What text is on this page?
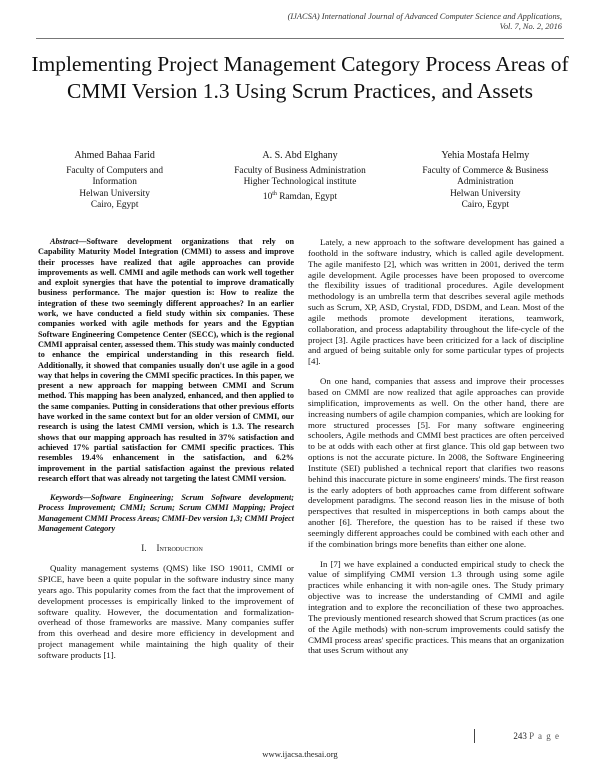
(IJACSA) International Journal of Advanced Computer Science and Applications,
Vol. 7, No. 2, 2016
Implementing Project Management Category Process Areas of CMMI Version 1.3 Using Scrum Practices, and Assets
Ahmed Bahaa Farid
Faculty of Computers and
Information
Helwan University
Cairo, Egypt
A. S. Abd Elghany
Faculty of Business Administration
Higher Technological institute
10th Ramdan, Egypt
Yehia Mostafa Helmy
Faculty of Commerce & Business
Administration
Helwan University
Cairo, Egypt

Abstract—Software development organizations that rely on Capability Maturity Model Integration (CMMI) to assess and improve their processes have realized that agile approaches can provide improvements as well. CMMI and agile methods can work well together and exploit synergies that have the potential to improve dramatically business performance. The major question is: How to realize the integration of these two seemingly different approaches? In an earlier work, we have conducted a field study within six companies. These companies worked with agile methods for years and the Egyptian Software Engineering Competence Center (SECC), which is the regional CMMI appraisal center, assessed them. This study was mainly conducted to enhance the empirical understanding in this research field. Additionally, it showed that companies usually don't use agile in a good way that helps in covering the CMMI specific practices. In this paper, we present a new approach for mapping between CMMI and Scrum method. This mapping has been analyzed, enhanced, and then applied to the same companies. Putting in considerations that other previous efforts have worked in the same context but for an older version of CMMI, our research is using the latest CMMI version, which is 1.3. The research shows that our mapping approach has resulted in 37% satisfaction and achieved 17% partial satisfaction for CMMI specific practices. This resembles 19.4% enhancement in the satisfaction, and 6.2% improvement in the partial satisfaction against the previous related research effort that was already not targeting the latest CMMI version.

Keywords—Software Engineering; Scrum Software development; Process Improvement; CMMI; Scrum; Scrum CMMI Mapping; Project Management CMMI Process Areas; CMMI-Dev version 1,3; CMMI Project Management Category

I. Introduction

Quality management systems (QMS) like ISO 19011, CMMI or SPICE, have been a quite popular in the software industry since many years ago. This popularity comes from the fact that the improvement of development processes is empirically linked to the improvement of software quality. However, the documentation and formalization-overhead of those frameworks are massive. Many companies suffer from this overhead and desire more efficiency in development and project management while maintaining the high quality of their software products [1].

Lately, a new approach to the software development has gained a foothold in the software industry, which is called agile development. The agile manifesto [2], which was written in 2001, derived the term agile development. Agile processes have been proposed to overcome the flexibility issues of traditional procedures. Agile development methodology is an umbrella term that describes several agile methods such as Scrum, XP, ASD, Crystal, FDD, DSDM, and Lean. Most of the agile methods promote development iterations, teamwork, collaboration, and process adaptability throughout the life-cycle of the project [3]. Agile practices have been criticized for a lack of discipline and argued of being suitable only for some particular types of projects [4].

On one hand, companies that assess and improve their processes based on CMMI are now realized that agile approaches can provide simplification, improvements as well. On the other hand, there are increasing numbers of agile champion companies, which are looking for more structured processes [5]. For many software engineering schoolers, Agile methods and CMMI best practices are often perceived to be at odds with each other at first glance. This old gap between two options is not the accurate picture. In 2008, the Software Engineering Institute (SEI) published a technical report that clarifies two reasons behind this inaccurate picture in some engineers' minds. The first reason is the early adopters of both approaches came from different software development paradigms. The second reason lies in the misuse of both perspectives that resulted in misperceptions in both camps about the another [6]. Therefore, the question has to be raised if these two seemingly different approaches could be combined with each other and if the combination brings more benefits than either one alone.

In [7] we have explained a conducted empirical study to check the value of simplifying CMMI version 1.3 through using some agile practices while enhancing it with non-agile ones. The Study primary objective was to increase the understanding of CMMI and agile integration and to explore the reconciliation of these two approaches. The previously mentioned research showed that Scrum practices (as one of the Agile methods) with non-scrum improvements could satisfy the CMMI process areas' specific practices. This means that an organization that uses Scrum without any

243 P a g e
www.ijacsa.thesai.org
